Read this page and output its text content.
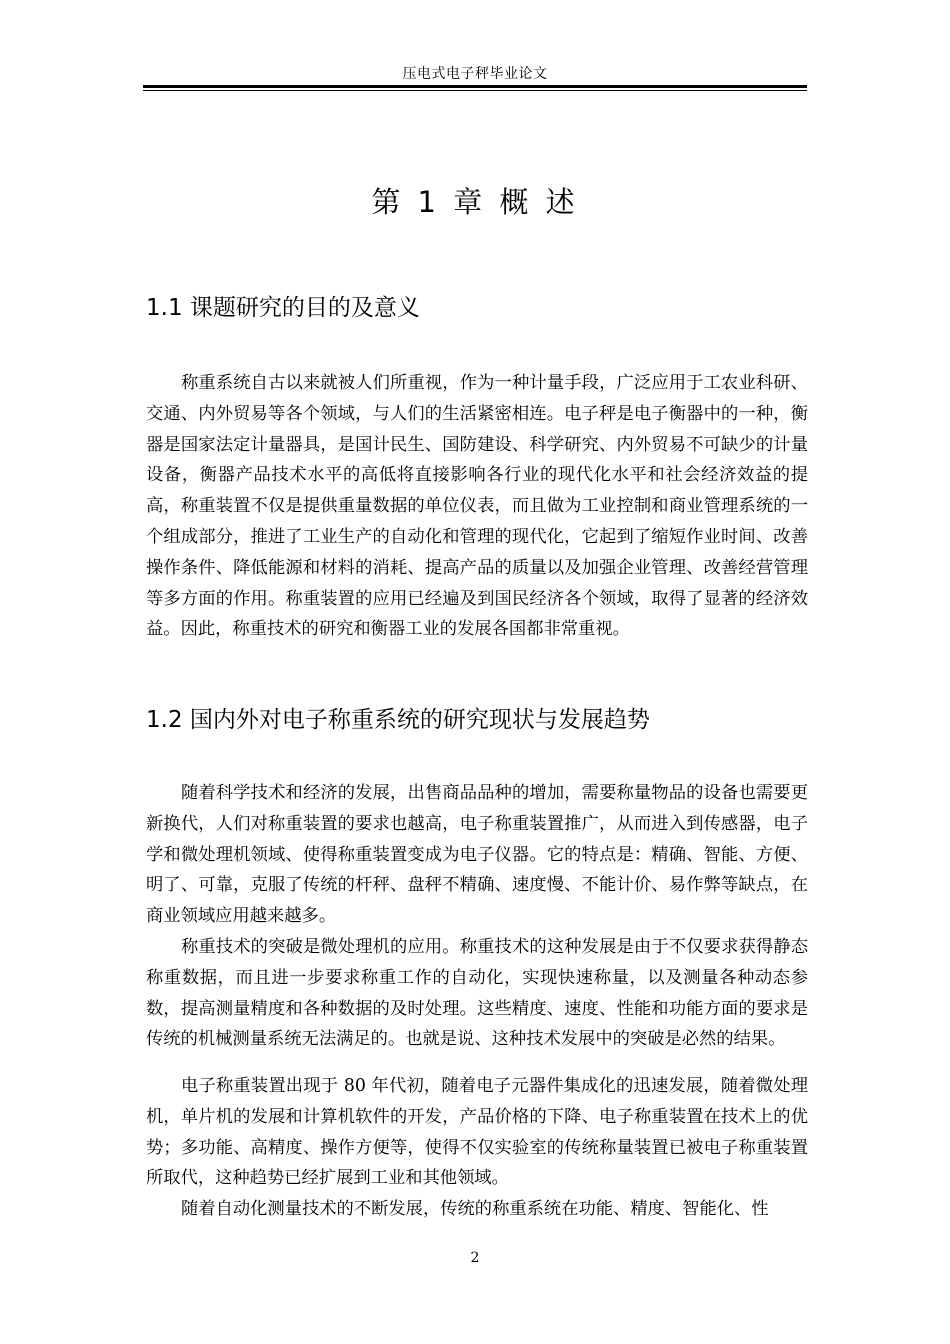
压电式电子秤毕业论文
第 1 章 概 述
1.1 课题研究的目的及意义

称重系统自古以来就被人们所重视，作为一种计量手段，广泛应用于工农业科研、交通、内外贸易等各个领域，与人们的生活紧密相连。电子秤是电子衡器中的一种，衡器是国家法定计量器具，是国计民生、国防建设、科学研究、内外贸易不可缺少的计量设备，衡器产品技术水平的高低将直接影响各行业的现代化水平和社会经济效益的提高，称重装置不仅是提供重量数据的单位仪表，而且做为工业控制和商业管理系统的一个组成部分，推进了工业生产的自动化和管理的现代化，它起到了缩短作业时间、改善操作条件、降低能源和材料的消耗、提高产品的质量以及加强企业管理、改善经营管理等多方面的作用。称重装置的应用已经遍及到国民经济各个领域，取得了显著的经济效益。因此，称重技术的研究和衡器工业的发展各国都非常重视。

1.2 国内外对电子称重系统的研究现状与发展趋势

随着科学技术和经济的发展，出售商品品种的增加，需要称量物品的设备也需要更新换代，人们对称重装置的要求也越高，电子称重装置推广，从而进入到传感器，电子学和微处理机领域、使得称重装置变成为电子仪器。它的特点是：精确、智能、方便、明了、可靠，克服了传统的杆秤、盘秤不精确、速度慢、不能计价、易作弊等缺点，在商业领域应用越来越多。

称重技术的突破是微处理机的应用。称重技术的这种发展是由于不仅要求获得静态称重数据，而且进一步要求称重工作的自动化，实现快速称量，以及测量各种动态参数，提高测量精度和各种数据的及时处理。这些精度、速度、性能和功能方面的要求是传统的机械测量系统无法满足的。也就是说、这种技术发展中的突破是必然的结果。

电子称重装置出现于 80 年代初，随着电子元器件集成化的迅速发展，随着微处理机，单片机的发展和计算机软件的开发，产品价格的下降、电子称重装置在技术上的优势；多功能、高精度、操作方便等，使得不仅实验室的传统称量装置已被电子称重装置所取代，这种趋势已经扩展到工业和其他领域。

随着自动化测量技术的不断发展，传统的称重系统在功能、精度、智能化、性

2
